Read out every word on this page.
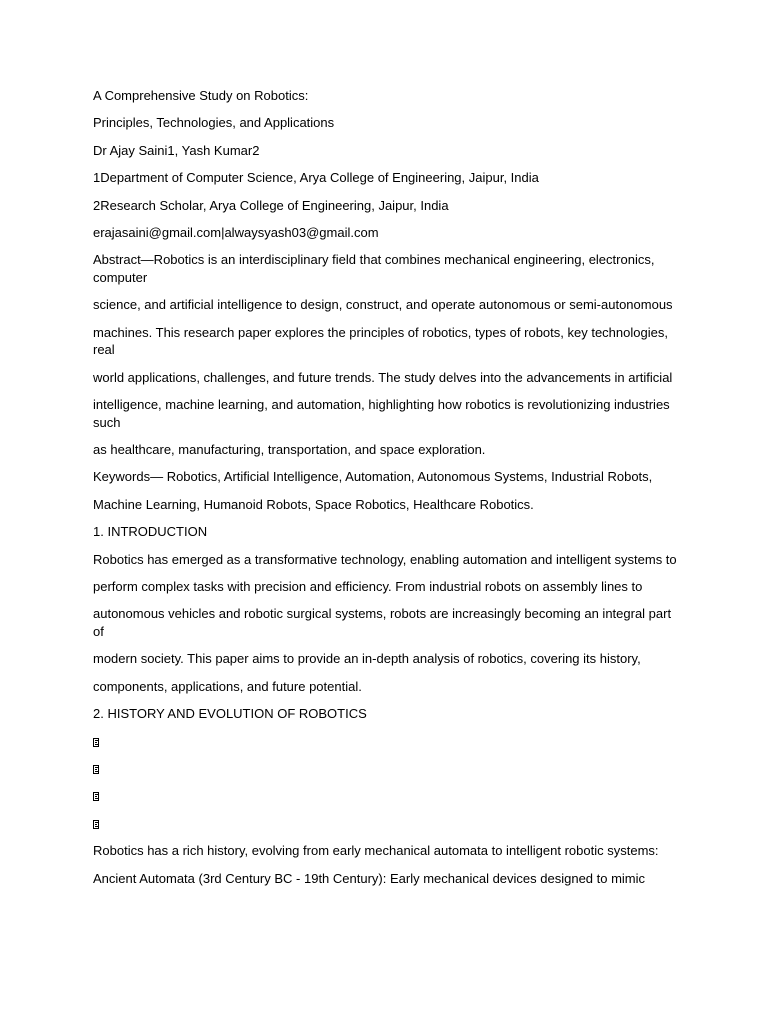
A Comprehensive Study on Robotics:
Principles, Technologies, and Applications
Dr Ajay Saini1, Yash Kumar2
1Department of Computer Science, Arya College of Engineering, Jaipur, India
2Research Scholar, Arya College of Engineering, Jaipur, India
erajasaini@gmail.com|alwaysyash03@gmail.com
Abstract—Robotics is an interdisciplinary field that combines mechanical engineering, electronics, computer
science, and artificial intelligence to design, construct, and operate autonomous or semi-autonomous
machines. This research paper explores the principles of robotics, types of robots, key technologies, real
world applications, challenges, and future trends. The study delves into the advancements in artificial
intelligence, machine learning, and automation, highlighting how robotics is revolutionizing industries such
as healthcare, manufacturing, transportation, and space exploration.
Keywords— Robotics, Artificial Intelligence, Automation, Autonomous Systems, Industrial Robots,
Machine Learning, Humanoid Robots, Space Robotics, Healthcare Robotics.
1. INTRODUCTION
Robotics has emerged as a transformative technology, enabling automation and intelligent systems to
perform complex tasks with precision and efficiency. From industrial robots on assembly lines to
autonomous vehicles and robotic surgical systems, robots are increasingly becoming an integral part of
modern society. This paper aims to provide an in-depth analysis of robotics, covering its history,
components, applications, and future potential.
2. HISTORY AND EVOLUTION OF ROBOTICS
Robotics has a rich history, evolving from early mechanical automata to intelligent robotic systems:
Ancient Automata (3rd Century BC - 19th Century): Early mechanical devices designed to mimic
